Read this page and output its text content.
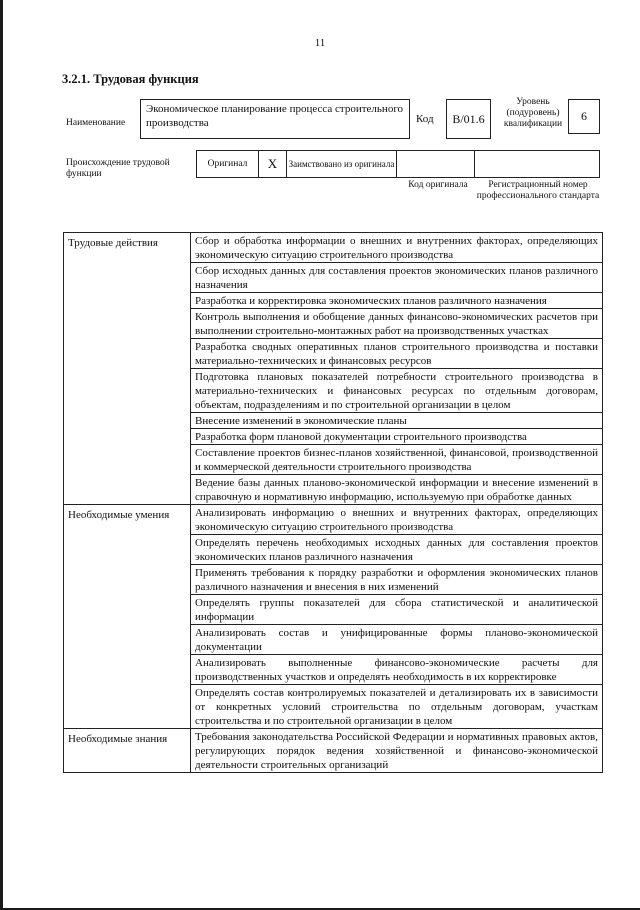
11
3.2.1. Трудовая функция
Наименование
Экономическое планирование процесса строительного производства	Код	B/01.6
Уровень (подуровень) квалификации
6
Происхождение трудовой функции
Оригинал	X	Заимствовано из оригинала
Код оригинала	Регистрационный номер профессионального стандарта
Трудовые действия	Сбор и обработка информации о внешних и внутренних факторах, определяющих экономическую ситуацию строительного производства
	Сбор исходных данных для составления проектов экономических планов различного назначения
	Разработка и корректировка экономических планов различного назначения
	Контроль выполнения и обобщение данных финансово-экономических расчетов при выполнении строительно-монтажных работ на производственных участках
	Разработка сводных оперативных планов строительного производства и поставки материально-технических и финансовых ресурсов
	Подготовка плановых показателей потребности строительного производства в материально-технических и финансовых ресурсах по отдельным договорам, объектам, подразделениям и по строительной организации в целом
	Внесение изменений в экономические планы
	Разработка форм плановой документации строительного производства
	Составление проектов бизнес-планов хозяйственной, финансовой, производственной и коммерческой деятельности строительного производства
	Ведение базы данных планово-экономической информации и внесение изменений в справочную и нормативную информацию, используемую при обработке данных
Необходимые умения	Анализировать информацию о внешних и внутренних факторах, определяющих экономическую ситуацию строительного производства
	Определять перечень необходимых исходных данных для составления проектов экономических планов различного назначения
	Применять требования к порядку разработки и оформления экономических планов различного назначения и внесения в них изменений
	Определять группы показателей для сбора статистической и аналитической информации
	Анализировать состав и унифицированные формы планово-экономической документации
	Анализировать выполненные финансово-экономические расчеты для производственных участков и определять необходимость в их корректировке
	Определять состав контролируемых показателей и детализировать их в зависимости от конкретных условий строительства по отдельным договорам, участкам строительства и по строительной организации в целом
Необходимые знания	Требования законодательства Российской Федерации и нормативных правовых актов, регулирующих порядок ведения хозяйственной и финансово-экономической деятельности строительных организаций
